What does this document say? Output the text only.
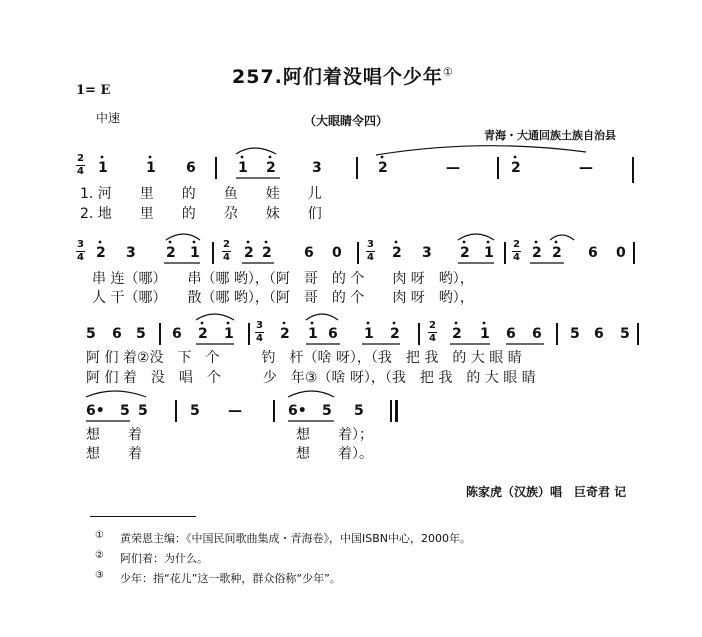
257.阿们着没唱个少年①
1= E
中速	（大眼睛令四）
青海・大通回族土族自治县
2
4 1	1 6	1 2	3	2	—	2	—
1. 河　　里　　的　　鱼　　娃　　儿
2. 地　　里　　的　　尕　　妹　　们
3
4 2 3 2 1
2
4 2 2 6 0
3
4 2 3 2 1
2
4 2 2 6 0
串 连（哪）　　串（哪 哟），（阿　哥　的 个　　肉 呀　哟），
人 干（哪）　　散（哪 哟），（阿　哥　的 个　　肉 呀　哟），
5 6 5 6 2 1
3
4 2 1 6 1 2
2
4 2 1 6 6 5 6 5
阿 们 着②没　下　个　　　钓　杆（啥 呀），（我　把 我　的 大 眼 睛
阿 们 着　没　唱　个　　　少　年③（啥 呀），（我　把 我　的 大 眼 睛
6• 5 5	5 —	6• 5 5
想　　着　　　　　　　　　　　想　　着）；
想　　着　　　　　　　　　　　想　　着）。
陈家虎（汉族）唱　巨奇君 记
① 黄荣恩主编：《中国民间歌曲集成・青海卷》，中国ISBN中心，2000年。
② 阿们着：为什么。
③ 少年：指“花儿”这一歌种，群众俗称“少年”。
